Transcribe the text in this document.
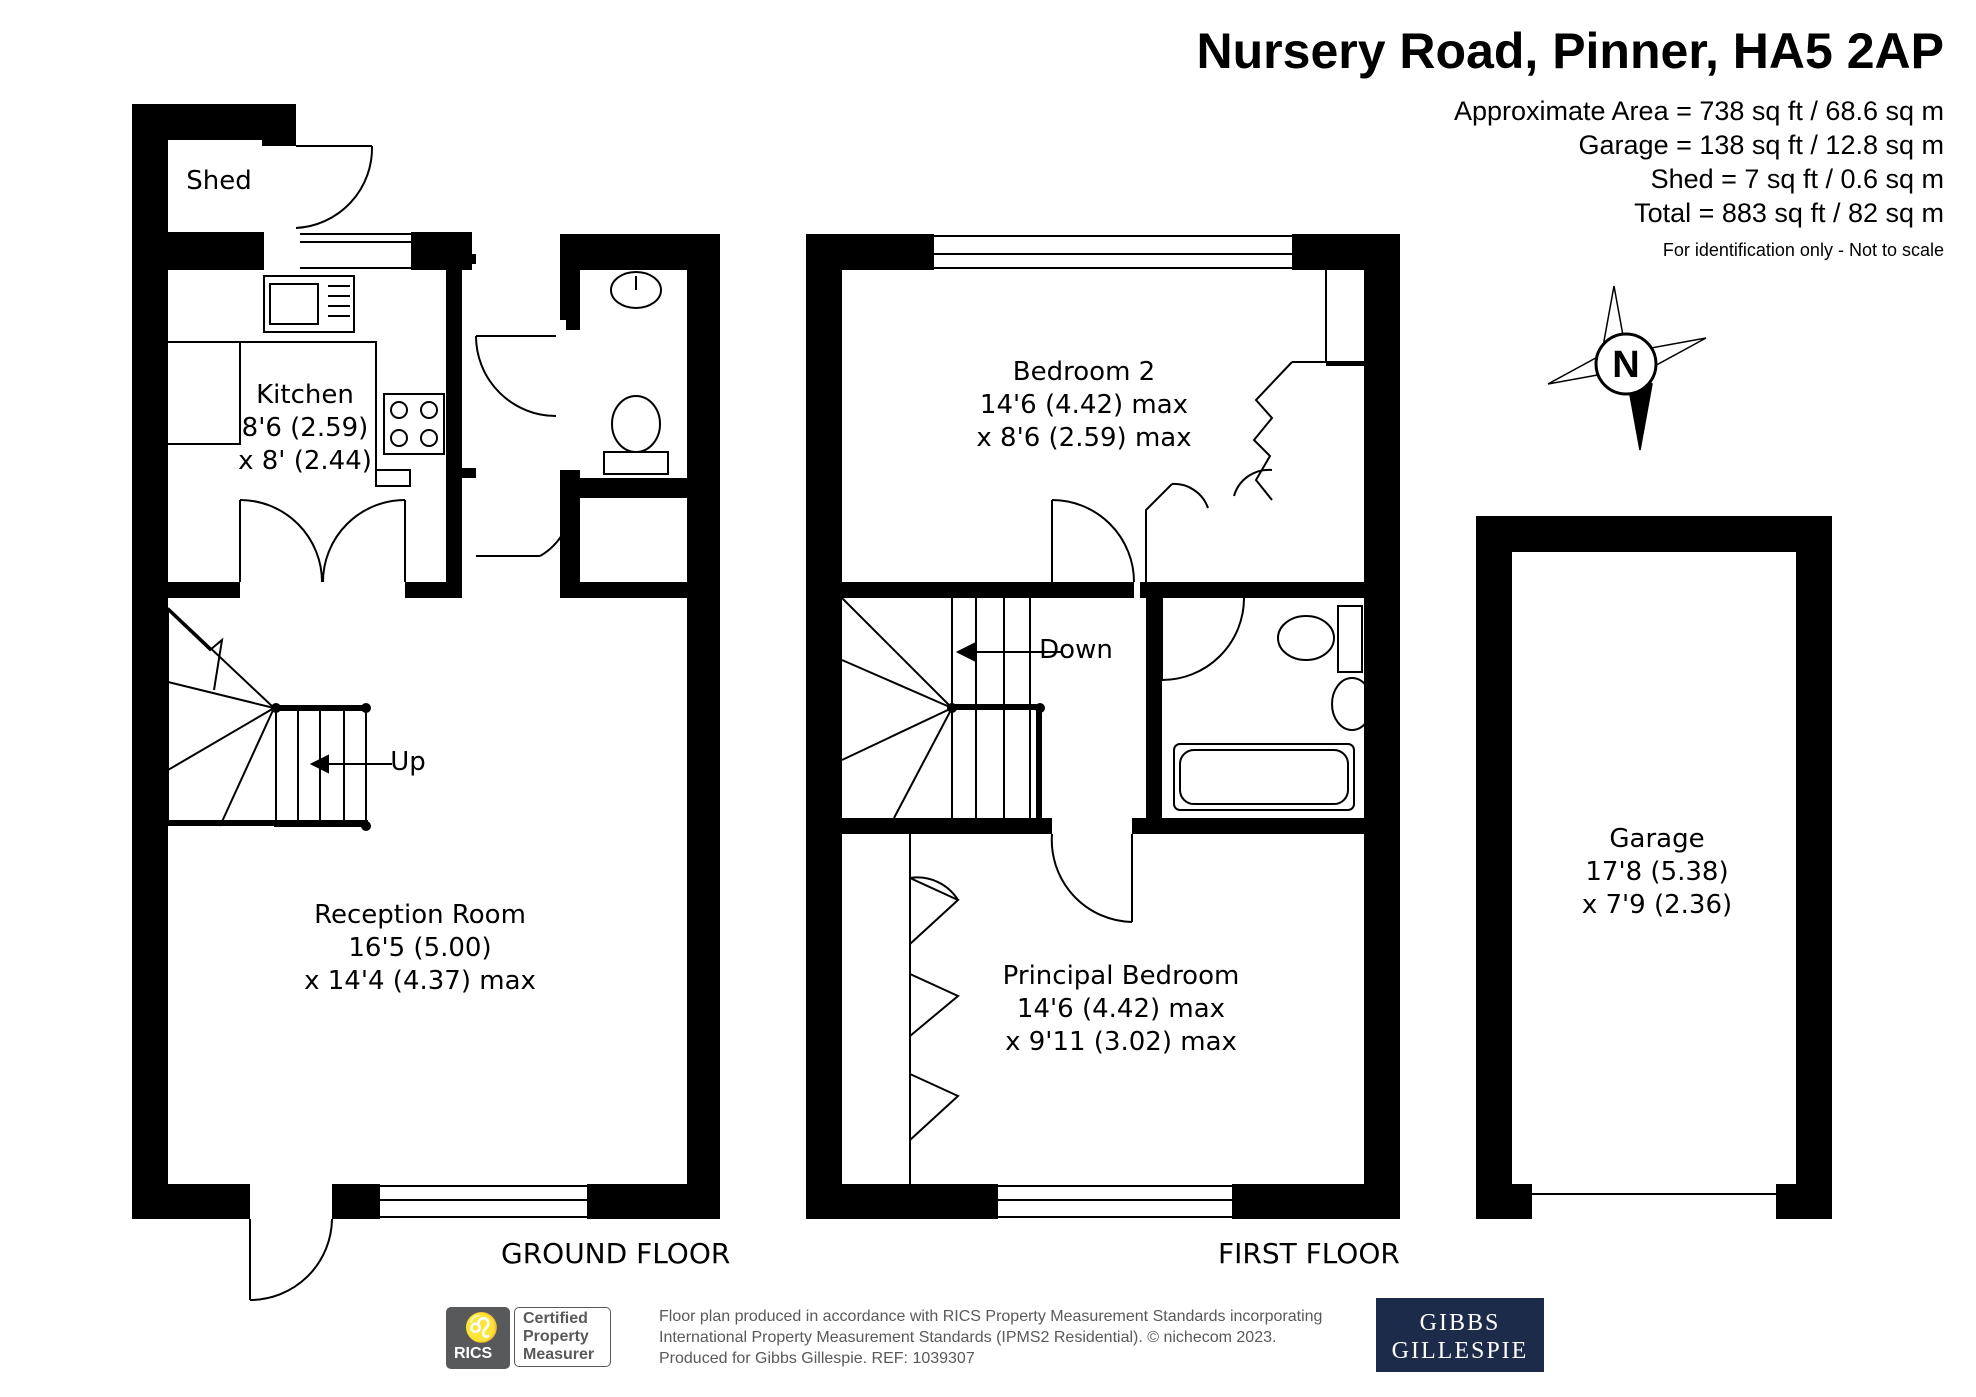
Nursery Road, Pinner, HA5 2AP
Approximate Area = 738 sq ft / 68.6 sq m
Garage = 138 sq ft / 12.8 sq m
Shed = 7 sq ft / 0.6 sq m
Total = 883 sq ft / 82 sq m
For identification only - Not to scale
N
Shed
Kitchen
8'6 (2.59)
x 8' (2.44)
Up
Reception Room
16'5 (5.00)
x 14'4 (4.37) max
GROUND FLOOR
Bedroom 2
14'6 (4.42) max
x 8'6 (2.59) max
Down
Principal Bedroom
14'6 (4.42) max
x 9'11 (3.02) max
FIRST FLOOR
Garage
17'8 (5.38)
x 7'9 (2.36)
♌
RICS
Certified
Property
Measurer
Floor plan produced in accordance with RICS Property Measurement Standards incorporating
International Property Measurement Standards (IPMS2 Residential). © nichecom 2023.
Produced for Gibbs Gillespie. REF: 1039307
GIBBS
GILLESPIE
